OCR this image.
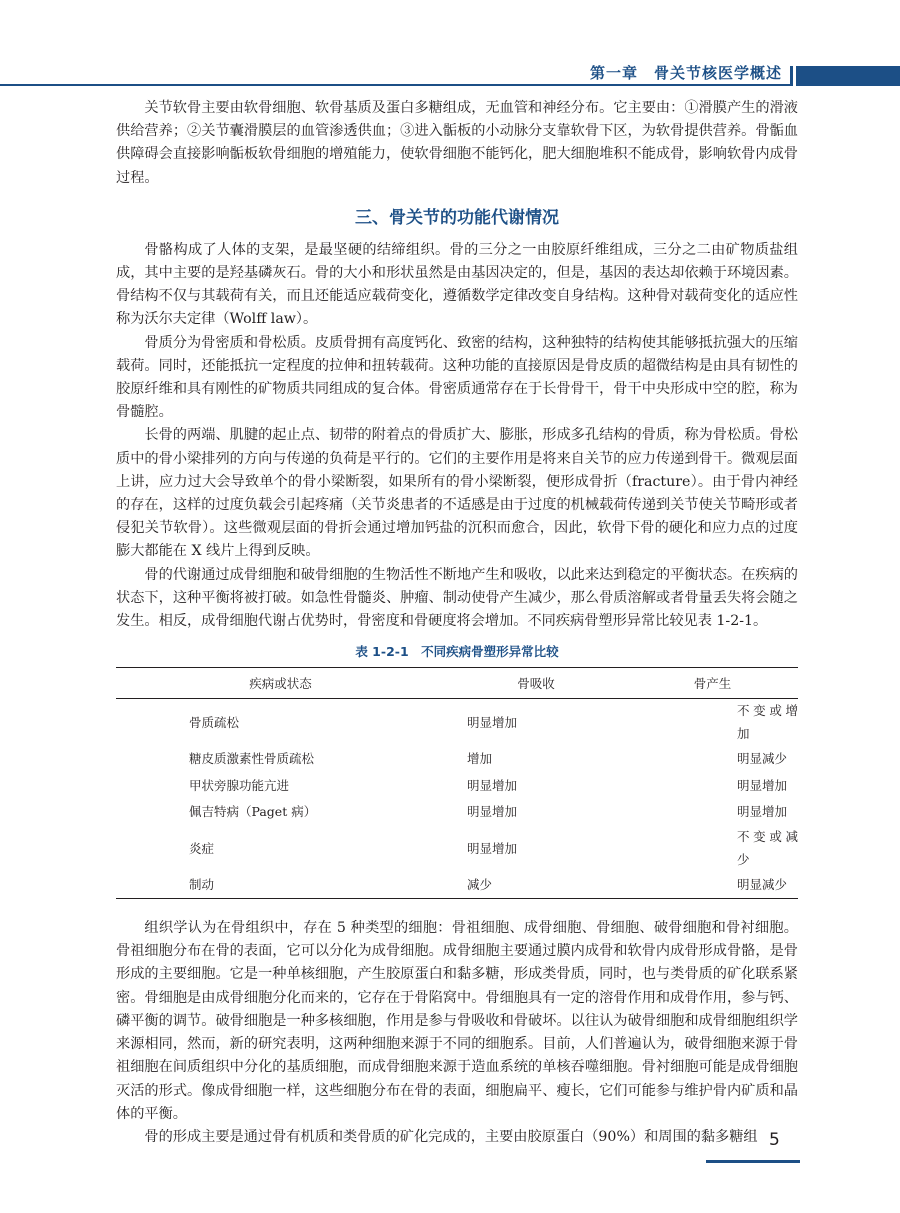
第一章　骨关节核医学概述

关节软骨主要由软骨细胞、软骨基质及蛋白多糖组成，无血管和神经分布。它主要由：①滑膜产生的滑液供给营养；②关节囊滑膜层的血管渗透供血；③进入骺板的小动脉分支靠软骨下区，为软骨提供营养。骨骺血供障碍会直接影响骺板软骨细胞的增殖能力，使软骨细胞不能钙化，肥大细胞堆积不能成骨，影响软骨内成骨过程。

三、骨关节的功能代谢情况

骨骼构成了人体的支架，是最坚硬的结缔组织。骨的三分之一由胶原纤维组成，三分之二由矿物质盐组成，其中主要的是羟基磷灰石。骨的大小和形状虽然是由基因决定的，但是，基因的表达却依赖于环境因素。骨结构不仅与其载荷有关，而且还能适应载荷变化，遵循数学定律改变自身结构。这种骨对载荷变化的适应性称为沃尔夫定律（Wolff law）。

骨质分为骨密质和骨松质。皮质骨拥有高度钙化、致密的结构，这种独特的结构使其能够抵抗强大的压缩载荷。同时，还能抵抗一定程度的拉伸和扭转载荷。这种功能的直接原因是骨皮质的超微结构是由具有韧性的胶原纤维和具有刚性的矿物质共同组成的复合体。骨密质通常存在于长骨骨干，骨干中央形成中空的腔，称为骨髓腔。

长骨的两端、肌腱的起止点、韧带的附着点的骨质扩大、膨胀，形成多孔结构的骨质，称为骨松质。骨松质中的骨小梁排列的方向与传递的负荷是平行的。它们的主要作用是将来自关节的应力传递到骨干。微观层面上讲，应力过大会导致单个的骨小梁断裂，如果所有的骨小梁断裂，便形成骨折（fracture）。由于骨内神经的存在，这样的过度负载会引起疼痛（关节炎患者的不适感是由于过度的机械载荷传递到关节使关节畸形或者侵犯关节软骨）。这些微观层面的骨折会通过增加钙盐的沉积而愈合，因此，软骨下骨的硬化和应力点的过度膨大都能在 X 线片上得到反映。

骨的代谢通过成骨细胞和破骨细胞的生物活性不断地产生和吸收，以此来达到稳定的平衡状态。在疾病的状态下，这种平衡将被打破。如急性骨髓炎、肿瘤、制动使骨产生减少，那么骨质溶解或者骨量丢失将会随之发生。相反，成骨细胞代谢占优势时，骨密度和骨硬度将会增加。不同疾病骨塑形异常比较见表 1-2-1。

表 1-2-1　不同疾病骨塑形异常比较
疾病或状态	骨吸收	骨产生
骨质疏松	明显增加	不变或增加
糖皮质激素性骨质疏松	增加	明显减少
甲状旁腺功能亢进	明显增加	明显增加
佩吉特病（Paget 病）	明显增加	明显增加
炎症	明显增加	不变或减少
制动	减少	明显减少

组织学认为在骨组织中，存在 5 种类型的细胞：骨祖细胞、成骨细胞、骨细胞、破骨细胞和骨衬细胞。骨祖细胞分布在骨的表面，它可以分化为成骨细胞。成骨细胞主要通过膜内成骨和软骨内成骨形成骨骼，是骨形成的主要细胞。它是一种单核细胞，产生胶原蛋白和黏多糖，形成类骨质，同时，也与类骨质的矿化联系紧密。骨细胞是由成骨细胞分化而来的，它存在于骨陷窝中。骨细胞具有一定的溶骨作用和成骨作用，参与钙、磷平衡的调节。破骨细胞是一种多核细胞，作用是参与骨吸收和骨破坏。以往认为破骨细胞和成骨细胞组织学来源相同，然而，新的研究表明，这两种细胞来源于不同的细胞系。目前，人们普遍认为，破骨细胞来源于骨祖细胞在间质组织中分化的基质细胞，而成骨细胞来源于造血系统的单核吞噬细胞。骨衬细胞可能是成骨细胞灭活的形式。像成骨细胞一样，这些细胞分布在骨的表面，细胞扁平、瘦长，它们可能参与维护骨内矿质和晶体的平衡。

骨的形成主要是通过骨有机质和类骨质的矿化完成的，主要由胶原蛋白（90%）和周围的黏多糖组 5
